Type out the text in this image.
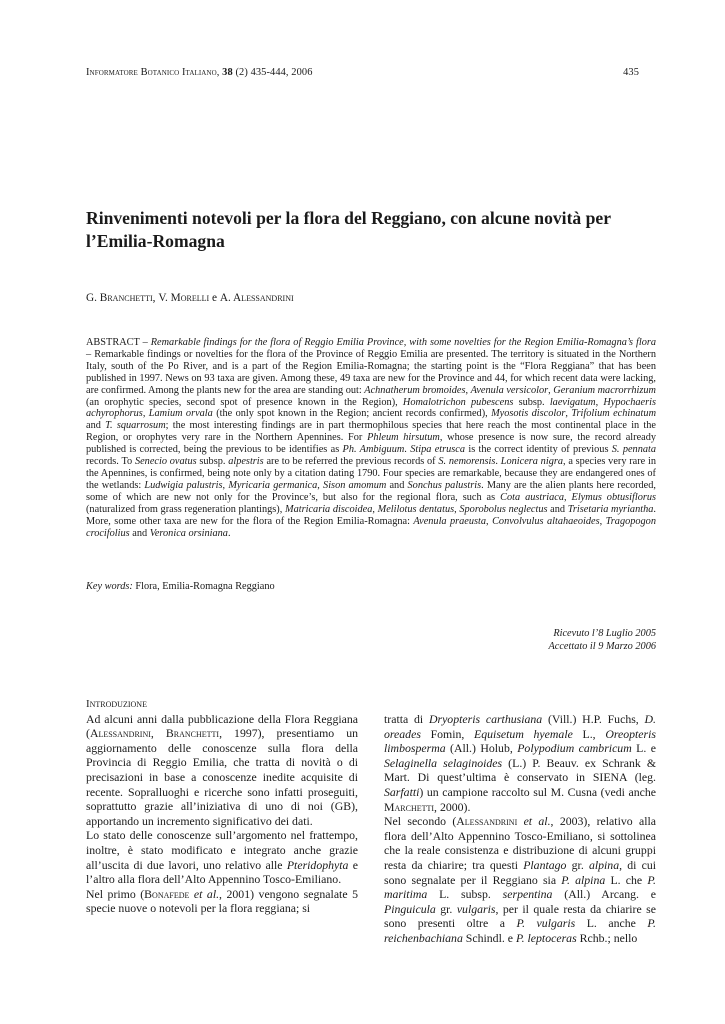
Informatore Botanico Italiano, 38 (2) 435-444, 2006	435
Rinvenimenti notevoli per la flora del Reggiano, con alcune novità per l’Emilia-Romagna

G. Branchetti, V. Morelli e A. Alessandrini

ABSTRACT – Remarkable findings for the flora of Reggio Emilia Province, with some novelties for the Region Emilia-Romagna’s flora – Remarkable findings or novelties for the flora of the Province of Reggio Emilia are presented. The territory is situated in the Northern Italy, south of the Po River, and is a part of the Region Emilia-Romagna; the starting point is the “Flora Reggiana” that has been published in 1997. News on 93 taxa are given. Among these, 49 taxa are new for the Province and 44, for which recent data were lacking, are confirmed. Among the plants new for the area are standing out: Achnatherum bromoides, Avenula versicolor, Geranium macrorrhizum (an orophytic species, second spot of presence known in the Region), Homalotrichon pubescens subsp. laevigatum, Hypochaeris achyrophorus, Lamium orvala (the only spot known in the Region; ancient records confirmed), Myosotis discolor, Trifolium echinatum and T. squarrosum; the most interesting findings are in part thermophilous species that here reach the most continental place in the Region, or orophytes very rare in the Northern Apennines. For Phleum hirsutum, whose presence is now sure, the record already published is corrected, being the previous to be identifies as Ph. Ambiguum. Stipa etrusca is the correct identity of previous S. pennata records. To Senecio ovatus subsp. alpestris are to be referred the previous records of S. nemorensis. Lonicera nigra, a species very rare in the Apennines, is confirmed, being note only by a citation dating 1790. Four species are remarkable, because they are endangered ones of the wetlands: Ludwigia palustris, Myricaria germanica, Sison amomum and Sonchus palustris. Many are the alien plants here recorded, some of which are new not only for the Province’s, but also for the regional flora, such as Cota austriaca, Elymus obtusiflorus (naturalized from grass regeneration plantings), Matricaria discoidea, Melilotus dentatus, Sporobolus neglectus and Trisetaria myriantha. More, some other taxa are new for the flora of the Region Emilia-Romagna: Avenula praeusta, Convolvulus altahaeoides, Tragopogon crocifolius and Veronica orsiniana.

Key words: Flora, Emilia-Romagna Reggiano

Ricevuto l’8 Luglio 2005
Accettato il 9 Marzo 2006

Introduzione

Ad alcuni anni dalla pubblicazione della Flora Reggiana (Alessandrini, Branchetti, 1997), presentiamo un aggiornamento delle conoscenze sulla flora della Provincia di Reggio Emilia, che tratta di novità o di precisazioni in base a conoscenze inedite acquisite di recente. Sopralluoghi e ricerche sono infatti proseguiti, soprattutto grazie all’iniziativa di uno di noi (GB), apportando un incremento significativo dei dati.

Lo stato delle conoscenze sull’argomento nel frattempo, inoltre, è stato modificato e integrato anche grazie all’uscita di due lavori, uno relativo alle Pteridophyta e l’altro alla flora dell’Alto Appennino Tosco-Emiliano.

Nel primo (Bonafede et al., 2001) vengono segnalate 5 specie nuove o notevoli per la flora reggiana; si

tratta di Dryopteris carthusiana (Vill.) H.P. Fuchs, D. oreades Fomin, Equisetum hyemale L., Oreopteris limbosperma (All.) Holub, Polypodium cambricum L. e Selaginella selaginoides (L.) P. Beauv. ex Schrank & Mart. Di quest’ultima è conservato in SIENA (leg. Sarfatti) un campione raccolto sul M. Cusna (vedi anche Marchetti, 2000).

Nel secondo (Alessandrini et al., 2003), relativo alla flora dell’Alto Appennino Tosco-Emiliano, si sottolinea che la reale consistenza e distribuzione di alcuni gruppi resta da chiarire; tra questi Plantago gr. alpina, di cui sono segnalate per il Reggiano sia P. alpina L. che P. maritima L. subsp. serpentina (All.) Arcang. e Pinguicula gr. vulgaris, per il quale resta da chiarire se sono presenti oltre a P. vulgaris L. anche P. reichenbachiana Schindl. e P. leptoceras Rchb.; nello
